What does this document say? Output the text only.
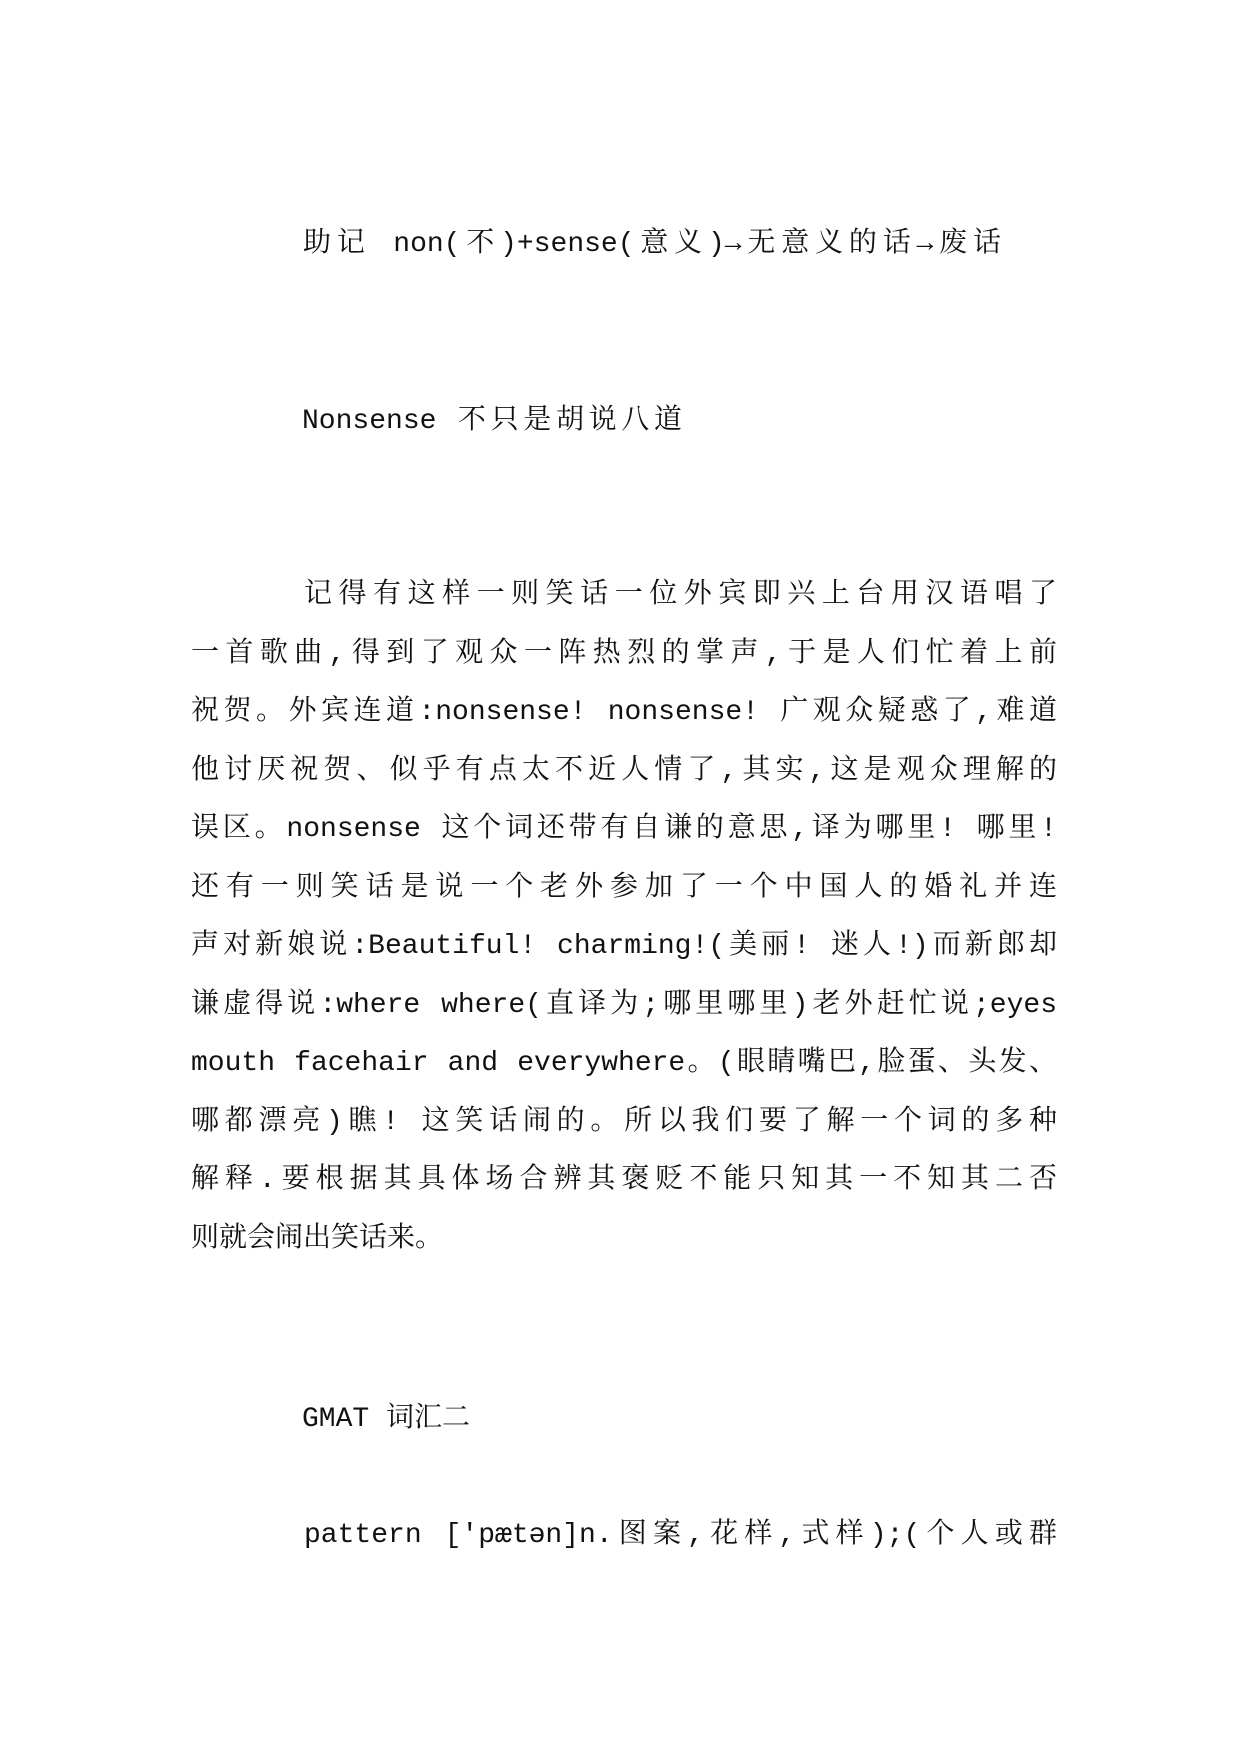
助记 non(不)+sense(意义)→无意义的话→废话
Nonsense 不只是胡说八道
记得有这样一则笑话一位外宾即兴上台用汉语唱了
一首歌曲,得到了观众一阵热烈的掌声,于是人们忙着上前
祝贺。外宾连道:nonsense! nonsense! 广观众疑惑了,难道
他讨厌祝贺、似乎有点太不近人情了,其实,这是观众理解的
误区。nonsense 这个词还带有自谦的意思,译为哪里! 哪里!
还有一则笑话是说一个老外参加了一个中国人的婚礼并连
声对新娘说:Beautiful! charming!(美丽! 迷人!)而新郎却
谦虚得说:where where(直译为;哪里哪里)老外赶忙说;eyes
mouth facehair and everywhere。(眼睛嘴巴,脸蛋、头发、
哪都漂亮)瞧! 这笑话闹的。所以我们要了解一个词的多种
解释.要根据其具体场合辨其褒贬不能只知其一不知其二否
则就会闹出笑话来。
GMAT 词汇二
pattern ['pætən]n.图案,花样,式样);(个人或群
